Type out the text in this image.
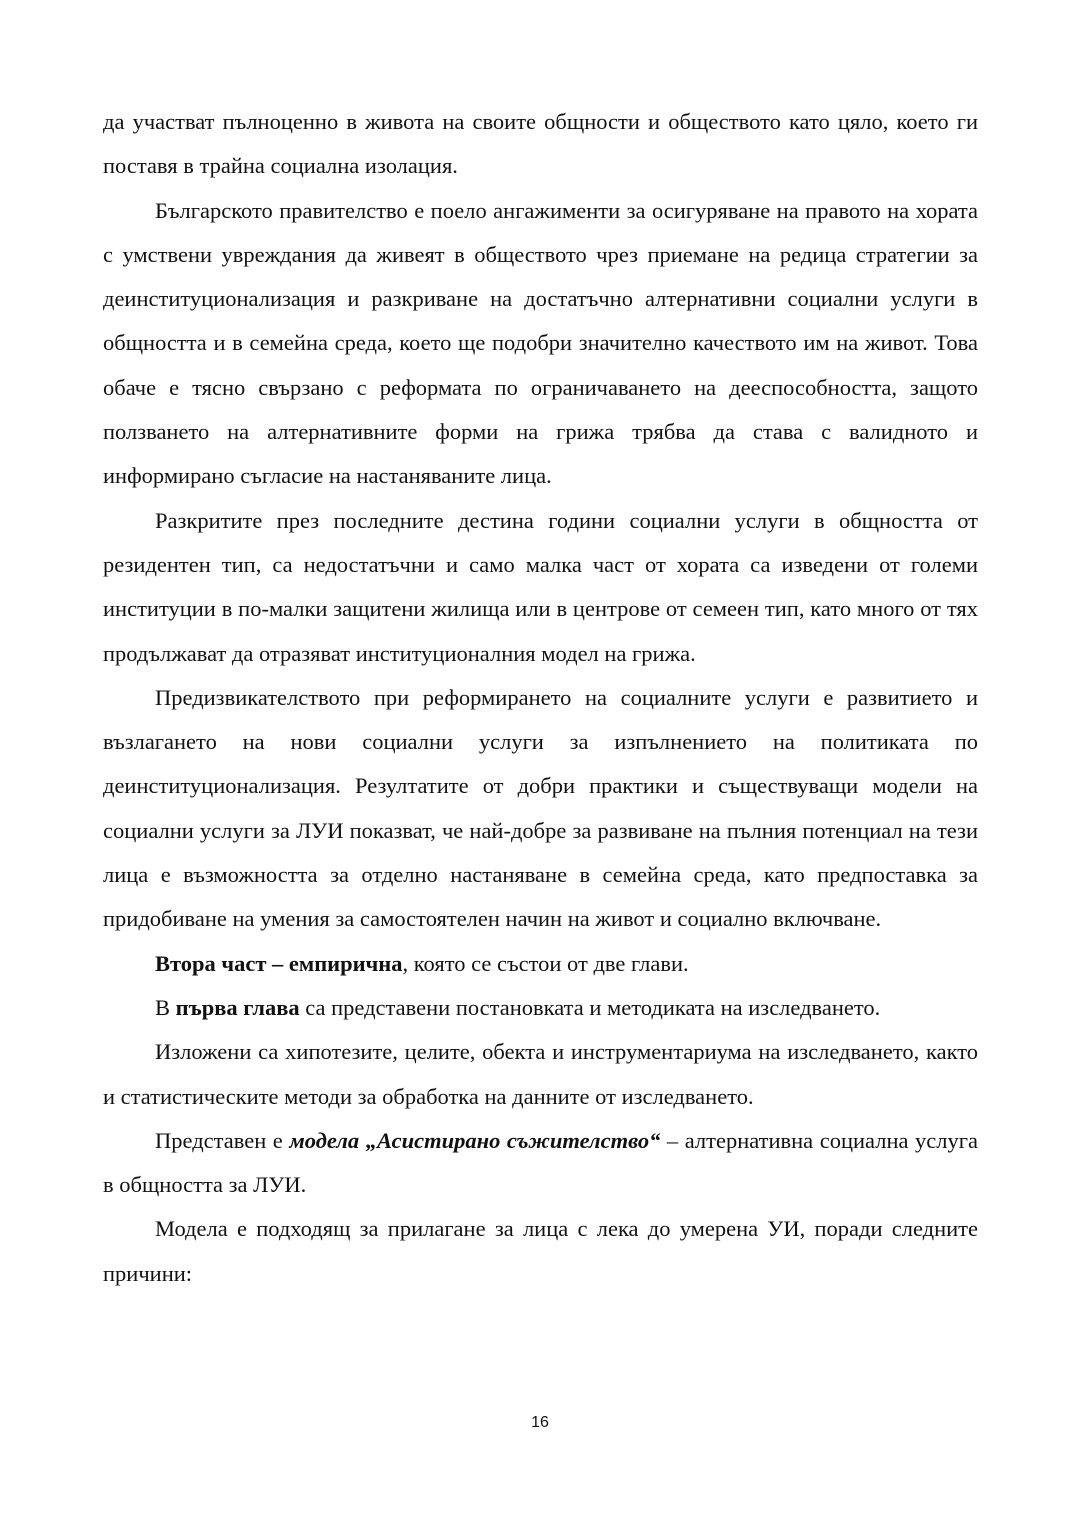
да участват пълноценно в живота на своите общности и обществото като цяло, което ги поставя в трайна социална изолация.

Българското правителство е поело ангажименти за осигуряване на правото на хората с умствени увреждания да живеят в обществото чрез приемане на редица стратегии за деинституционализация и разкриване на достатъчно алтернативни социални услуги в общността и в семейна среда, което ще подобри значително качеството им на живот. Това обаче е тясно свързано с реформата по ограничаването на дееспособността, защото ползването на алтернативните форми на грижа трябва да става с валидното и информирано съгласие на настаняваните лица.

Разкритите през последните дестина години социални услуги в общността от резидентен тип, са недостатъчни и само малка част от хората са изведени от големи институции в по-малки защитени жилища или в центрове от семеен тип, като много от тях продължават да отразяват институционалния модел на грижа.

Предизвикателството при реформирането на социалните услуги е развитието и възлагането на нови социални услуги за изпълнението на политиката по деинституционализация. Резултатите от добри практики и съществуващи модели на социални услуги за ЛУИ показват, че най-добре за развиване на пълния потенциал на тези лица е възможността за отделно настаняване в семейна среда, като предпоставка за придобиване на умения за самостоятелен начин на живот и социално включване.

Втора част – емпирична, която се състои от две глави.

В първа глава са представени постановката и методиката на изследването.

Изложени са хипотезите, целите, обекта и инструментариума на изследването, както и статистическите методи за обработка на данните от изследването.

Представен е модела „Асистирано съжителство“ – алтернативна социална услуга в общността за ЛУИ.

Модела е подходящ за прилагане за лица с лека до умерена УИ, поради следните причини:

16
